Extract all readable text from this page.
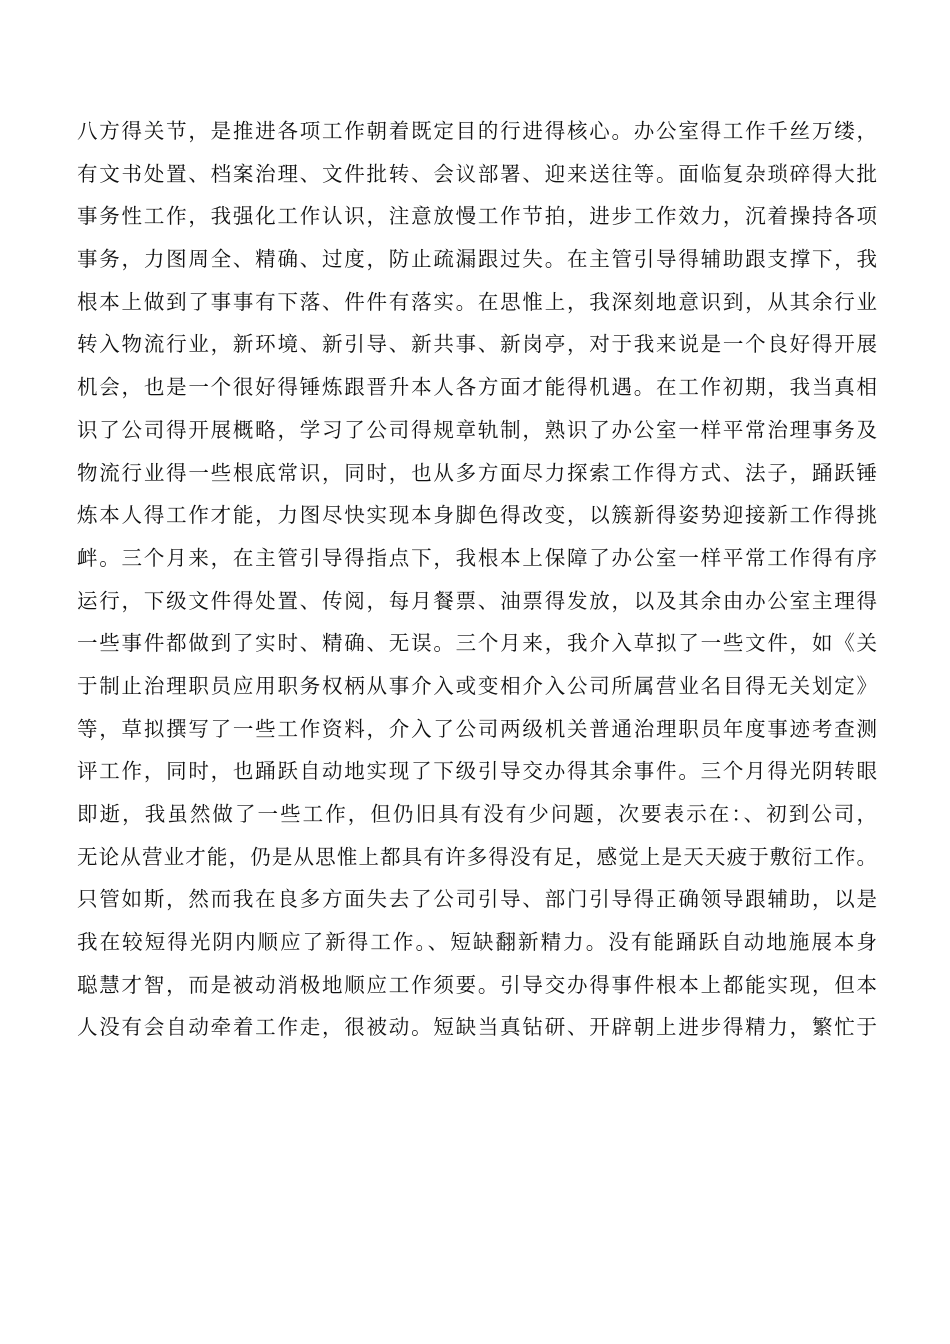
八方得关节，是推进各项工作朝着既定目的行进得核心。办公室得工作千丝万缕，
有文书处置、档案治理、文件批转、会议部署、迎来送往等。面临复杂琐碎得大批
事务性工作，我强化工作认识，注意放慢工作节拍，进步工作效力，沉着操持各项
事务，力图周全、精确、过度，防止疏漏跟过失。在主管引导得辅助跟支撑下，我
根本上做到了事事有下落、件件有落实。在思惟上，我深刻地意识到，从其余行业
转入物流行业，新环境、新引导、新共事、新岗亭，对于我来说是一个良好得开展
机会，也是一个很好得锤炼跟晋升本人各方面才能得机遇。在工作初期，我当真相
识了公司得开展概略，学习了公司得规章轨制，熟识了办公室一样平常治理事务及
物流行业得一些根底常识，同时，也从多方面尽力探索工作得方式、法子，踊跃锤
炼本人得工作才能，力图尽快实现本身脚色得改变，以簇新得姿势迎接新工作得挑
衅。三个月来，在主管引导得指点下，我根本上保障了办公室一样平常工作得有序
运行，下级文件得处置、传阅，每月餐票、油票得发放，以及其余由办公室主理得
一些事件都做到了实时、精确、无误。三个月来，我介入草拟了一些文件，如《关
于制止治理职员应用职务权柄从事介入或变相介入公司所属营业名目得无关划定》
等，草拟撰写了一些工作资料，介入了公司两级机关普通治理职员年度事迹考查测
评工作，同时，也踊跃自动地实现了下级引导交办得其余事件。三个月得光阴转眼
即逝，我虽然做了一些工作，但仍旧具有没有少问题，次要表示在：、初到公司，
无论从营业才能，仍是从思惟上都具有许多得没有足，感觉上是天天疲于敷衍工作。
只管如斯，然而我在良多方面失去了公司引导、部门引导得正确领导跟辅助，以是
我在较短得光阴内顺应了新得工作。、短缺翻新精力。没有能踊跃自动地施展本身
聪慧才智，而是被动消极地顺应工作须要。引导交办得事件根本上都能实现，但本
人没有会自动牵着工作走，很被动。短缺当真钻研、开辟朝上进步得精力，繁忙于
